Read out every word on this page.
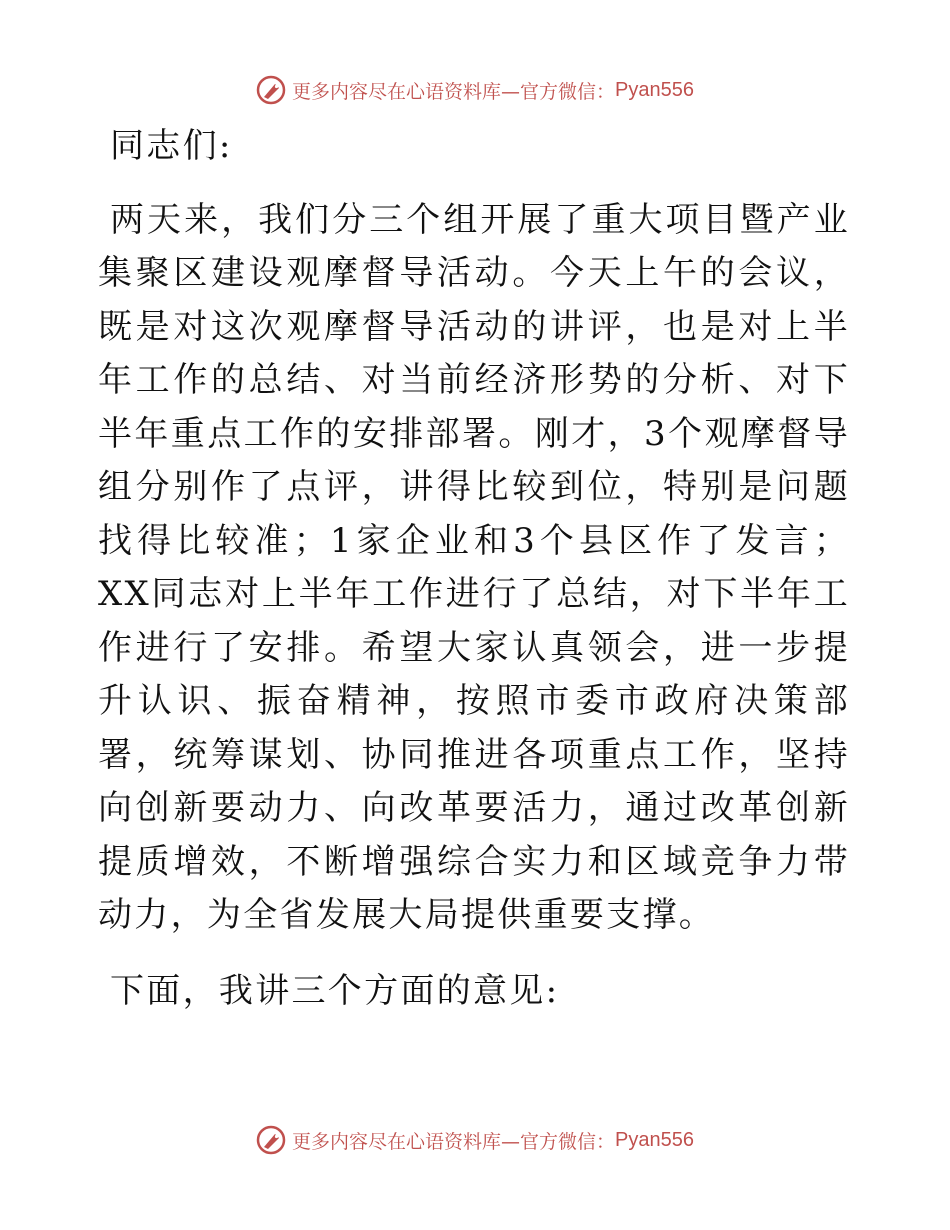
更多内容尽在心语资料库—官方微信： Pyan556

同志们:

两天来，我们分三个组开展了重大项目暨产业集聚区建设观摩督导活动。今天上午的会议，既是对这次观摩督导活动的讲评，也是对上半年工作的总结、对当前经济形势的分析、对下半年重点工作的安排部署。刚才，3个观摩督导组分别作了点评，讲得比较到位，特别是问题找得比较准；1家企业和3个县区作了发言；XX同志对上半年工作进行了总结，对下半年工作进行了安排。希望大家认真领会，进一步提升认识、振奋精神，按照市委市政府决策部署，统筹谋划、协同推进各项重点工作，坚持向创新要动力、向改革要活力，通过改革创新提质增效，不断增强综合实力和区域竞争力带动力，为全省发展大局提供重要支撑。

下面，我讲三个方面的意见:

更多内容尽在心语资料库—官方微信： Pyan556
